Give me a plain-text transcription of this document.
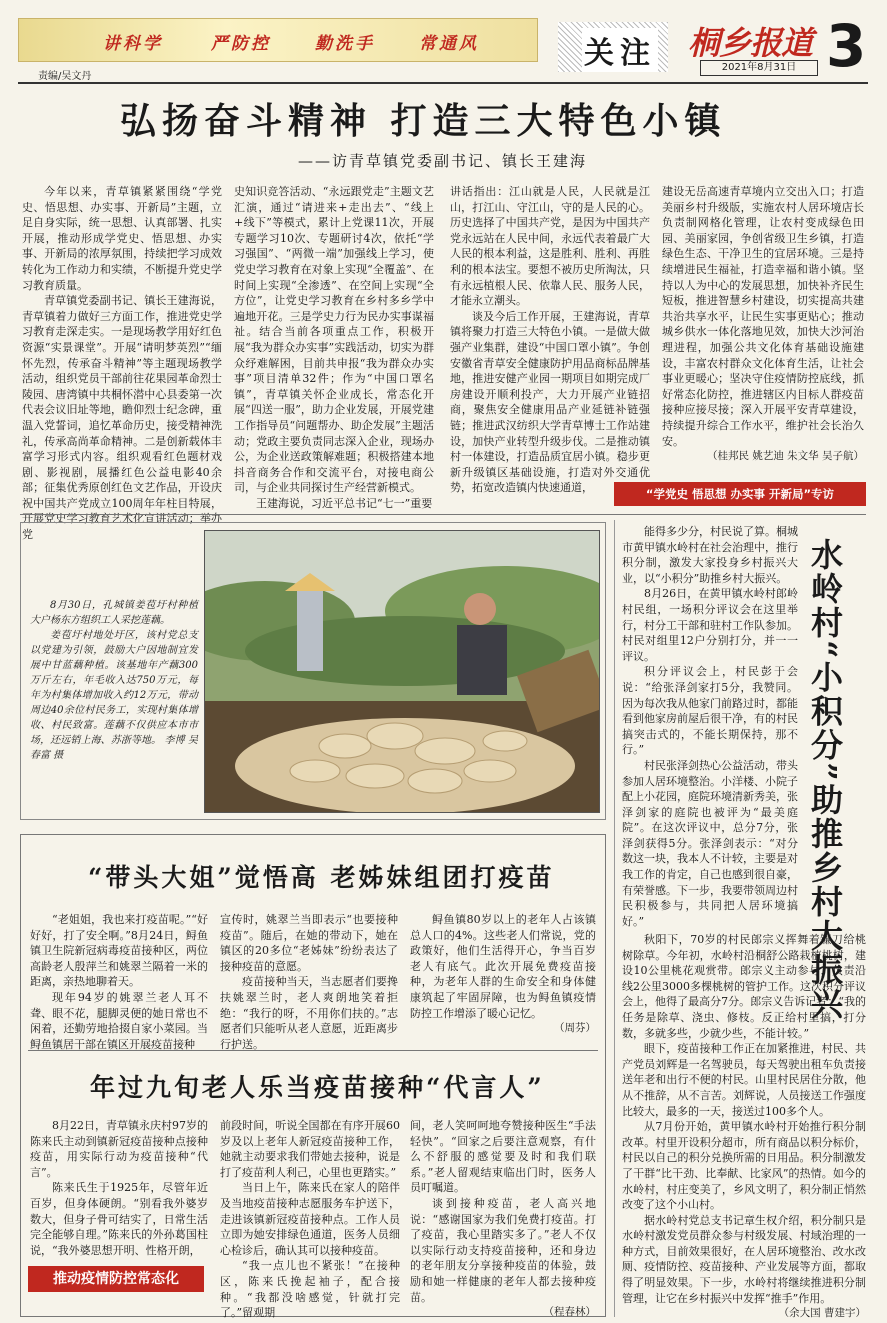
讲科学	严防控	勤洗手	常通风
责编/吴文丹
关注 桐乡报道
2021年8月31日 3
弘扬奋斗精神 打造三大特色小镇
——访青草镇党委副书记、镇长王建海

今年以来，青草镇紧紧围绕“学党史、悟思想、办实事、开新局”主题，立足自身实际，统一思想、认真部署、扎实开展，推动形成学党史、悟思想、办实事、开新局的浓厚氛围，持续把学习成效转化为工作动力和实绩，不断提升党史学习教育质量。

青草镇党委副书记、镇长王建海说，青草镇着力做好三方面工作，推进党史学习教育走深走实。一是现场教学用好红色资源“实景课堂”。开展“请明梦英烈”“缅怀先烈，传承奋斗精神”等主题现场教学活动，组织党员干部前往花果园革命烈士陵园、唐湾镇中共桐怀潜中心县委第一次代表会议旧址等地，瞻仰烈士纪念碑，重温入党誓词，追忆革命历史，接受精神洗礼，传承高尚革命精神。二是创新载体丰富学习形式内容。组织观看红色题材戏剧、影视剧，展播红色公益电影40余部；征集优秀原创红色文艺作品，开设庆祝中国共产党成立100周年年柱目特展，开展党史学习教育艺术化宣讲活动；举办党

史知识竞答活动、“永远跟党走”主题文艺汇演，通过“请进来+走出去”、“线上+线下”等模式，累计上党课11次，开展专题学习10次、专题研讨4次，依托“学习强国”、“两微一端”加强线上学习，使党史学习教育在对象上实现“全覆盖”、在时间上实现“全渗透”、在空间上实现“全方位”，让党史学习教育在乡村多乡学中遍地开花。三是学史力行为民办实事谋福祉。结合当前各项重点工作，积极开展“我为群众办实事”实践活动，切实为群众纾难解困，目前共申报“我为群众办实事”项目清单32件；作为“中国口罩名镇”，青草镇关怀企业成长，常态化开展“四送一服”，助力企业发展，开展党建工作指导员“问题帮办、助企发展”主题活动；党政主要负责同志深入企业，现场办公，为企业送政策解难题；积极搭建本地抖音商务合作和交流平台，对接电商公司，与企业共同探讨生产经营新模式。

王建海说，习近平总书记“七一”重要

讲话指出：江山就是人民，人民就是江山，打江山、守江山，守的是人民的心。历史选择了中国共产党，是因为中国共产党永远站在人民中间，永远代表着最广大人民的根本利益，这是胜利、胜利、再胜利的根本法宝。要想不被历史所淘汰，只有永远植根人民、依靠人民、服务人民，才能永立潮头。

谈及今后工作开展，王建海说，青草镇将聚力打造三大特色小镇。一是做大做强产业集群，建设“中国口罩小镇”。争创安徽省青草安全健康防护用品商标品牌基地，推进安健产业园一期项目如期完成厂房建设开顺利投产，大力开展产业链招商，聚焦安全健康用品产业延链补链强链；推进武汉纺织大学青草博士工作站建设，加快产业转型升级步伐。二是推动镇村一体建设，打造品质宜居小镇。稳步更新升级镇区基础设施，打造对外交通优势，拓宽改造镇内快速通道，

建设无岳高速青草境内立交出入口；打造美丽乡村升级版，实施农村人居环境店长负责制网格化管理，让农村变成绿色田园、美丽家园，争创省级卫生乡镇，打造绿色生态、干净卫生的宜居环境。三是持续增进民生福祉，打造幸福和谐小镇。坚持以人为中心的发展思想，加快补齐民生短板，推进智慧乡村建设，切实提高共建共治共享水平，让民生实事更贴心；推动城乡供水一体化落地见效，加快大沙河治理进程，加强公共文化体育基础设施建设，丰富农村群众文化体育生活，让社会事业更暖心；坚决守住疫情防控底线，抓好常态化防控，推进辖区内目标人群疫苗接种应接尽接；深入开展平安青草建设，持续提升综合工作水平，维护社会长治久安。

（桂邦民 姚艺迪 朱文华 吴子航）

“学党史 悟思想 办实事 开新局”专访

8月30日，孔城镇姜苞圩村种植大户杨东方组织工人采挖莲藕。

姜苞圩村地处圩区，该村党总支以党建为引领，鼓励大户因地制宜发展中甘蓝藕种植。该基地年产藕300万斤左右，年毛收入达750万元，每年为村集体增加收入约12万元，带动周边40余位村民务工，实现村集体增收、村民致富。莲藕不仅供应本市市场，还远销上海、苏浙等地。 李博 吴春富 摄

“带头大姐”觉悟高 老姊妹组团打疫苗

“老姐姐，我也来打疫苗呢。”“好好好，打了安全啊。”8月24日，鲟鱼镇卫生院新冠病毒疫苗接种区，两位高龄老人殷萍兰和姚翠兰隔着一米的距离，亲热地聊着天。

现年94岁的姚翠兰老人耳不聋、眼不花，腿脚灵便的她日常也不闲着，还勤劳地拾掇自家小菜园。当鲟鱼镇居干部在镇区开展疫苗接种

宣传时，姚翠兰当即表示“也要接种疫苗”。随后，在她的带动下，她在镇区的20多位“老姊妹”纷纷表达了接种疫苗的意愿。

疫苗接种当天，当志愿者们要搀扶姚翠兰时，老人爽朗地笑着拒绝：“我行的呀，不用你们扶的。”志愿者们只能听从老人意愿，近距离步行护送。

鲟鱼镇80岁以上的老年人占该镇总人口的4%。这些老人们常说，党的政策好，他们生活得开心，争当百岁老人有底气。此次开展免费疫苗接种，为老年人群的生命安全和身体健康筑起了牢固屏障，也为鲟鱼镇疫情防控工作增添了暖心记忆。

（周芬）

年过九旬老人乐当疫苗接种“代言人”

8月22日，青草镇永庆村97岁的陈来氏主动到镇新冠疫苗接种点接种疫苗，用实际行动为疫苗接种“代言”。

陈来氏生于1925年，尽管年近百岁，但身体硬朗。“别看我外婆岁数大，但身子骨可结实了，日常生活完全能够自理。”陈来氏的外孙葛国柱说，“我外婆思想开明、性格开朗，

前段时间，听说全国都在有序开展60岁及以上老年人新冠疫苗接种工作，她就主动要求我们带她去接种，说是打了疫苗利人利己，心里也更踏实。”

当日上午，陈来氏在家人的陪伴及当地疫苗接种志愿服务车护送下，走进该镇新冠疫苗接种点。工作人员立即为她安排绿色通道，医务人员细心检诊后，确认其可以接种疫苗。

“我一点儿也不紧张！”在接种区，陈来氏挽起袖子，配合接种。“我都没啥感觉，针就打完了。”留观期

间，老人笑呵呵地夸赞接种医生“手法轻快”。“回家之后要注意观察，有什么不舒服的感觉要及时和我们联系。”老人留观结束临出门时，医务人员叮嘱道。

谈到接种疫苗，老人高兴地说：“感谢国家为我们免费打疫苗。打了疫苗，我心里踏实多了。”老人不仅以实际行动支持疫苗接种，还和身边的老年朋友分享接种疫苗的体验，鼓励和她一样健康的老年人都去接种疫苗。

（程春林）

推动疫情防控常态化

能得多少分，村民说了算。桐城市黄甲镇水岭村在社会治理中，推行积分制，激发大家投身乡村振兴大业，以“小积分”助推乡村大振兴。

8月26日，在黄甲镇水岭村郎岭村民组，一场积分评议会在这里举行，村分工干部和驻村工作队参加。村民对组里12户分别打分，并一一评议。

积分评议会上，村民彭于会说：“给张泽剑家打5分，我赞同。因为每次我从他家门前路过时，都能看到他家房前屋后很干净，有的村民搞突击式的，不能长期保持，那不行。”

村民张泽剑热心公益活动，带头参加人居环境整治。小洋楼、小院子配上小花园，庭院环境清新秀美，张泽剑家的庭院也被评为“最美庭院”。在这次评议中，总分7分，张泽剑获得5分。张泽剑表示：“对分数这一块，我本人不计较，主要是对我工作的肯定，自己也感到很自豪，有荣誉感。下一步，我要带领周边村民积极参与，共同把人居环境搞好。”	水岭村“小积分”助推乡村大振兴

秋阳下，70岁的村民郎宗义挥舞着镰刀给桃树除草。今年初，水岭村沿桐舒公路栽植桃树，建设10公里桃花观赏带。郎宗义主动参与，负责沿线2公里3000多棵桃树的管护工作。这次积分评议会上，他得了最高分7分。郎宗义告诉记者：“我的任务是除草、浇虫、修枝。反正给村里搞，打分数，多就多些，少就少些，不能计较。”

眼下，疫苗接种工作正在加紧推进，村民、共产党员刘辉是一名驾驶员，每天驾驶出租车负责接送年老和出行不便的村民。山里村民居住分散，他从不推辞，从不言苦。刘辉说，人员接送工作强度比较大，最多的一天，接送过100多个人。

从7月份开始，黄甲镇水岭村开始推行积分制改革。村里开设积分超市，所有商品以积分标价，村民以自己的积分兑换所需的日用品。积分制激发了干群“比干劲、比奉献、比家风”的热情。如今的水岭村，村庄变美了，乡风文明了，积分制正悄然改变了这个小山村。

据水岭村党总支书记章生权介绍，积分制只是水岭村激发党员群众参与村级发展、村域治理的一种方式，目前效果很好，在人居环境整治、改水改厕、疫情防控、疫苗接种、产业发展等方面，都取得了明显效果。下一步，水岭村将继续推进积分制管理，让它在乡村振兴中发挥“推手”作用。

（余大国 曹建宇）
